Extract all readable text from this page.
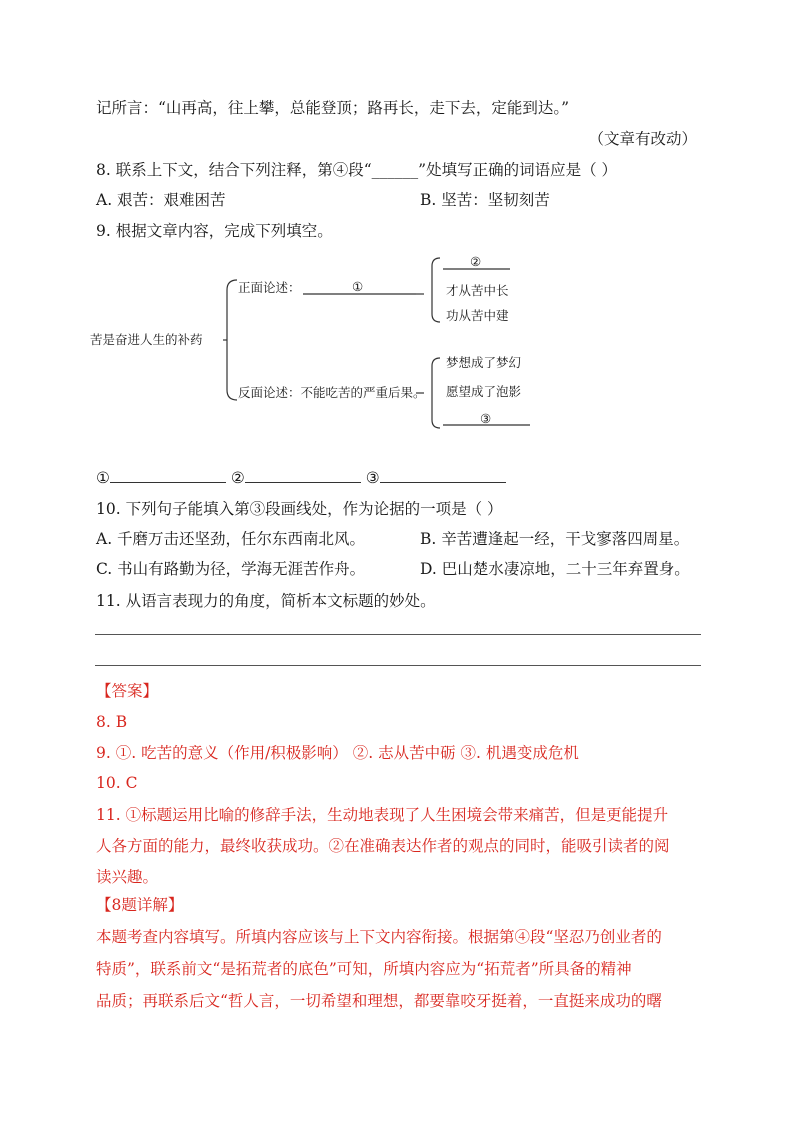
记所言：“山再高，往上攀，总能登顶；路再长，走下去，定能到达。”
（文章有改动）
8. 联系上下文，结合下列注释，第④段“______”处填写正确的词语应是（ ）
A. 艰苦：艰难困苦	B. 坚苦：坚韧刻苦
9. 根据文章内容，完成下列填空。
苦是奋进人生的补药
正面论述：	①
②
才从苦中长
功从苦中建
反面论述：不能吃苦的严重后果。
梦想成了梦幻
愿望成了泡影
③
①	②	③
10. 下列句子能填入第③段画线处，作为论据的一项是（ ）
A. 千磨万击还坚劲，任尔东西南北风。	B. 辛苦遭逢起一经，干戈寥落四周星。
C. 书山有路勤为径，学海无涯苦作舟。	D. 巴山楚水凄凉地，二十三年弃置身。
11. 从语言表现力的角度，简析本文标题的妙处。
【答案】
8. B
9. ①. 吃苦的意义（作用/积极影响） ②. 志从苦中砺 ③. 机遇变成危机
10. C
11. ①标题运用比喻的修辞手法，生动地表现了人生困境会带来痛苦，但是更能提升
人各方面的能力，最终收获成功。②在准确表达作者的观点的同时，能吸引读者的阅
读兴趣。
【8题详解】
本题考查内容填写。所填内容应该与上下文内容衔接。根据第④段“坚忍乃创业者的
特质”，联系前文“是拓荒者的底色”可知，所填内容应为“拓荒者”所具备的精神
品质；再联系后文“哲人言，一切希望和理想，都要靠咬牙挺着，一直挺来成功的曙
